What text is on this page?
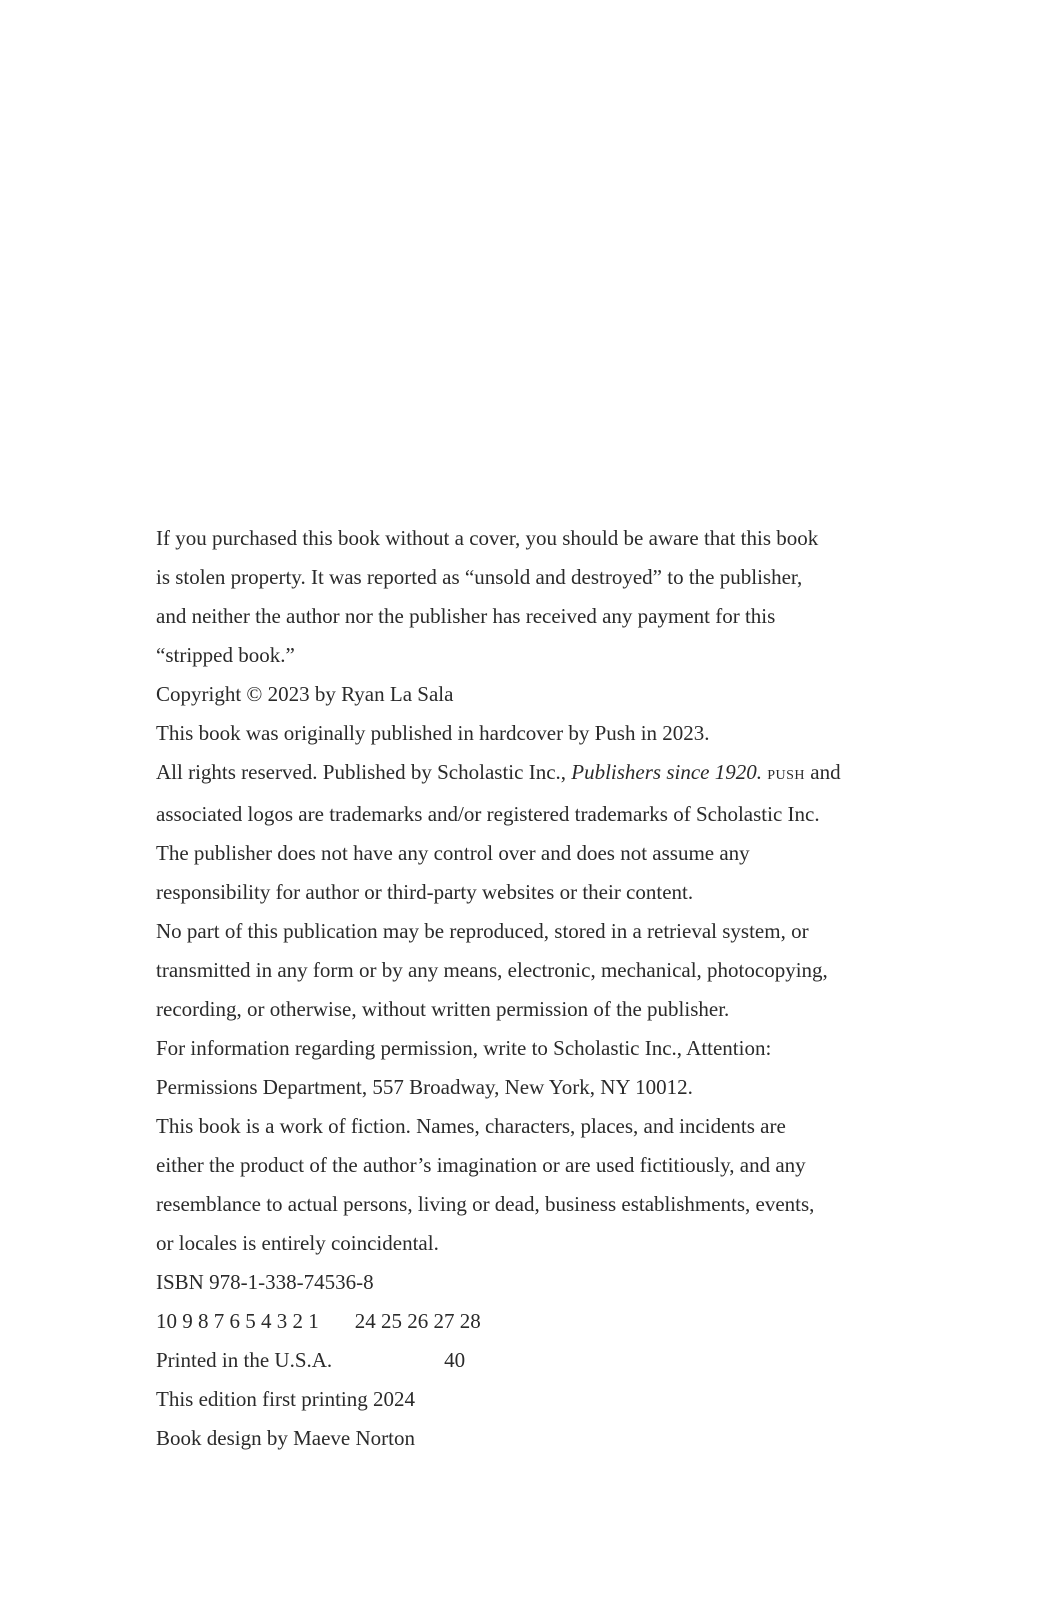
If you purchased this book without a cover, you should be aware that this book

is stolen property. It was reported as “unsold and destroyed” to the publisher,

and neither the author nor the publisher has received any payment for this

“stripped book.”

Copyright © 2023 by Ryan La Sala

This book was originally published in hardcover by Push in 2023.

All rights reserved. Published by Scholastic Inc., Publishers since 1920. PUSH and

associated logos are trademarks and/or registered trademarks of Scholastic Inc.

The publisher does not have any control over and does not assume any

responsibility for author or third-party websites or their content.

No part of this publication may be reproduced, stored in a retrieval system, or

transmitted in any form or by any means, electronic, mechanical, photocopying,

recording, or otherwise, without written permission of the publisher.

For information regarding permission, write to Scholastic Inc., Attention:

Permissions Department, 557 Broadway, New York, NY 10012.

This book is a work of fiction. Names, characters, places, and incidents are

either the product of the author’s imagination or are used fictitiously, and any

resemblance to actual persons, living or dead, business establishments, events,

or locales is entirely coincidental.

ISBN 978-1-338-74536-8

10 9 8 7 6 5 4 3 2 1 24 25 26 27 28

Printed in the U.S.A.	40

This edition first printing 2024

Book design by Maeve Norton
